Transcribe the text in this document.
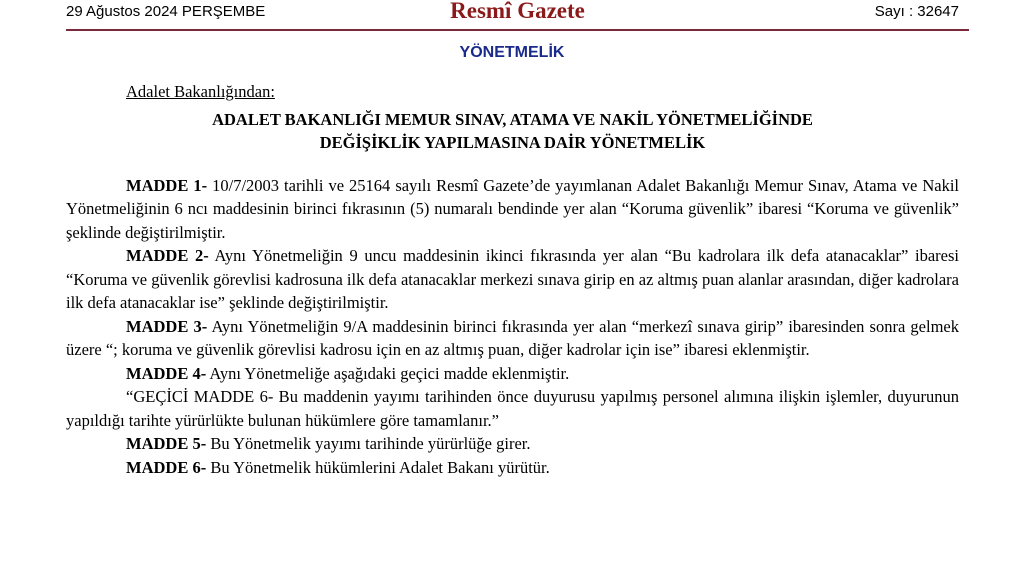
29 Ağustos 2024 PERŞEMBE	Resmî Gazete	Sayı : 32647
YÖNETMELİK
Adalet Bakanlığından:
ADALET BAKANLIĞI MEMUR SINAV, ATAMA VE NAKİL YÖNETMELİĞİNDE
DEĞİŞİKLİK YAPILMASINA DAİR YÖNETMELİK

MADDE 1- 10/7/2003 tarihli ve 25164 sayılı Resmî Gazete’de yayımlanan Adalet Bakanlığı Memur Sınav, Atama ve Nakil Yönetmeliğinin 6 ncı maddesinin birinci fıkrasının (5) numaralı bendinde yer alan “Koruma güvenlik” ibaresi “Koruma ve güvenlik” şeklinde değiştirilmiştir.

MADDE 2- Aynı Yönetmeliğin 9 uncu maddesinin ikinci fıkrasında yer alan “Bu kadrolara ilk defa atanacaklar” ibaresi “Koruma ve güvenlik görevlisi kadrosuna ilk defa atanacaklar merkezi sınava girip en az altmış puan alanlar arasından, diğer kadrolara ilk defa atanacaklar ise” şeklinde değiştirilmiştir.

MADDE 3- Aynı Yönetmeliğin 9/A maddesinin birinci fıkrasında yer alan “merkezî sınava girip” ibaresinden sonra gelmek üzere “; koruma ve güvenlik görevlisi kadrosu için en az altmış puan, diğer kadrolar için ise” ibaresi eklenmiştir.

MADDE 4- Aynı Yönetmeliğe aşağıdaki geçici madde eklenmiştir.

“GEÇİCİ MADDE 6- Bu maddenin yayımı tarihinden önce duyurusu yapılmış personel alımına ilişkin işlemler, duyurunun yapıldığı tarihte yürürlükte bulunan hükümlere göre tamamlanır.”

MADDE 5- Bu Yönetmelik yayımı tarihinde yürürlüğe girer.

MADDE 6- Bu Yönetmelik hükümlerini Adalet Bakanı yürütür.
